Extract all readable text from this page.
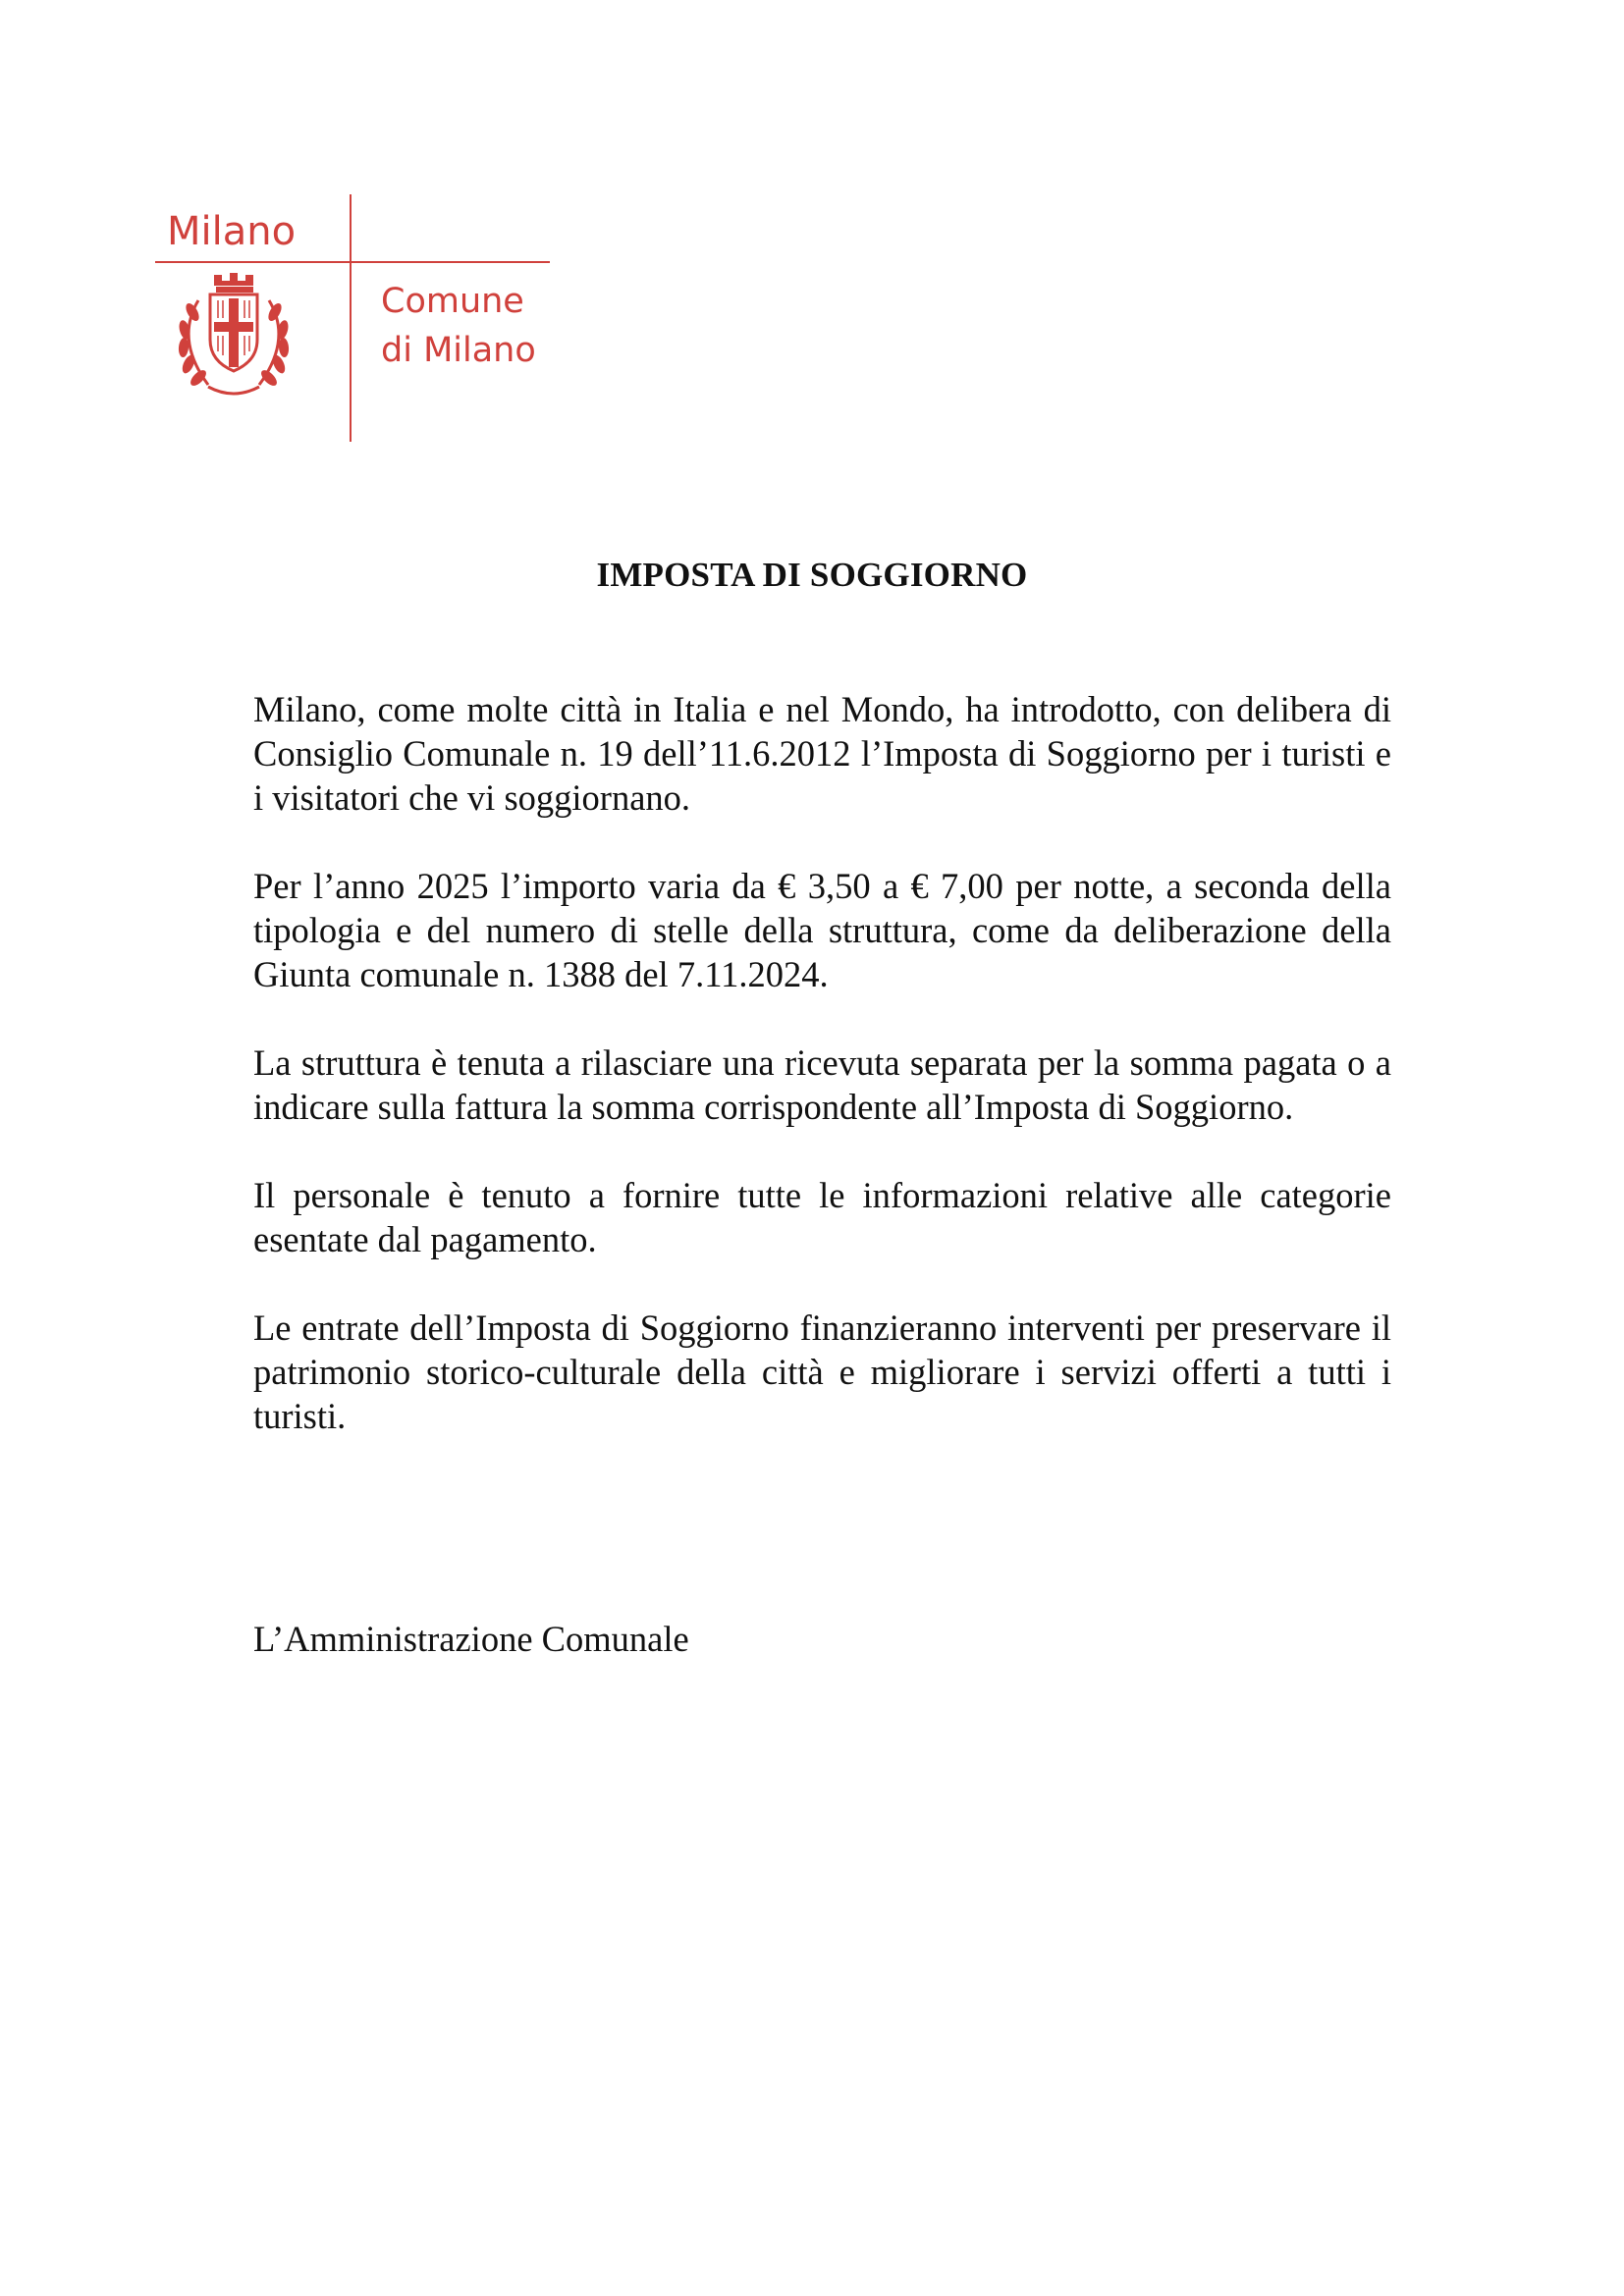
Milano
Comune
di Milano
IMPOSTA DI SOGGIORNO

Milano, come molte città in Italia e nel Mondo, ha introdotto, con delibera di Consiglio Comunale n. 19 dell’11.6.2012 l’Imposta di Soggiorno per i turisti e i visitatori che vi soggiornano.

Per l’anno 2025 l’importo varia da € 3,50 a € 7,00 per notte, a seconda della tipologia e del numero di stelle della struttura, come da deliberazione della Giunta comunale n. 1388 del 7.11.2024.

La struttura è tenuta a rilasciare una ricevuta separata per la somma pagata o a indicare sulla fattura la somma corrispondente all’Imposta di Soggiorno.

Il personale è tenuto a fornire tutte le informazioni relative alle categorie esentate dal pagamento.

Le entrate dell’Imposta di Soggiorno finanzieranno interventi per preservare il patrimonio storico-culturale della città e migliorare i servizi offerti a tutti i turisti.

L’Amministrazione Comunale
